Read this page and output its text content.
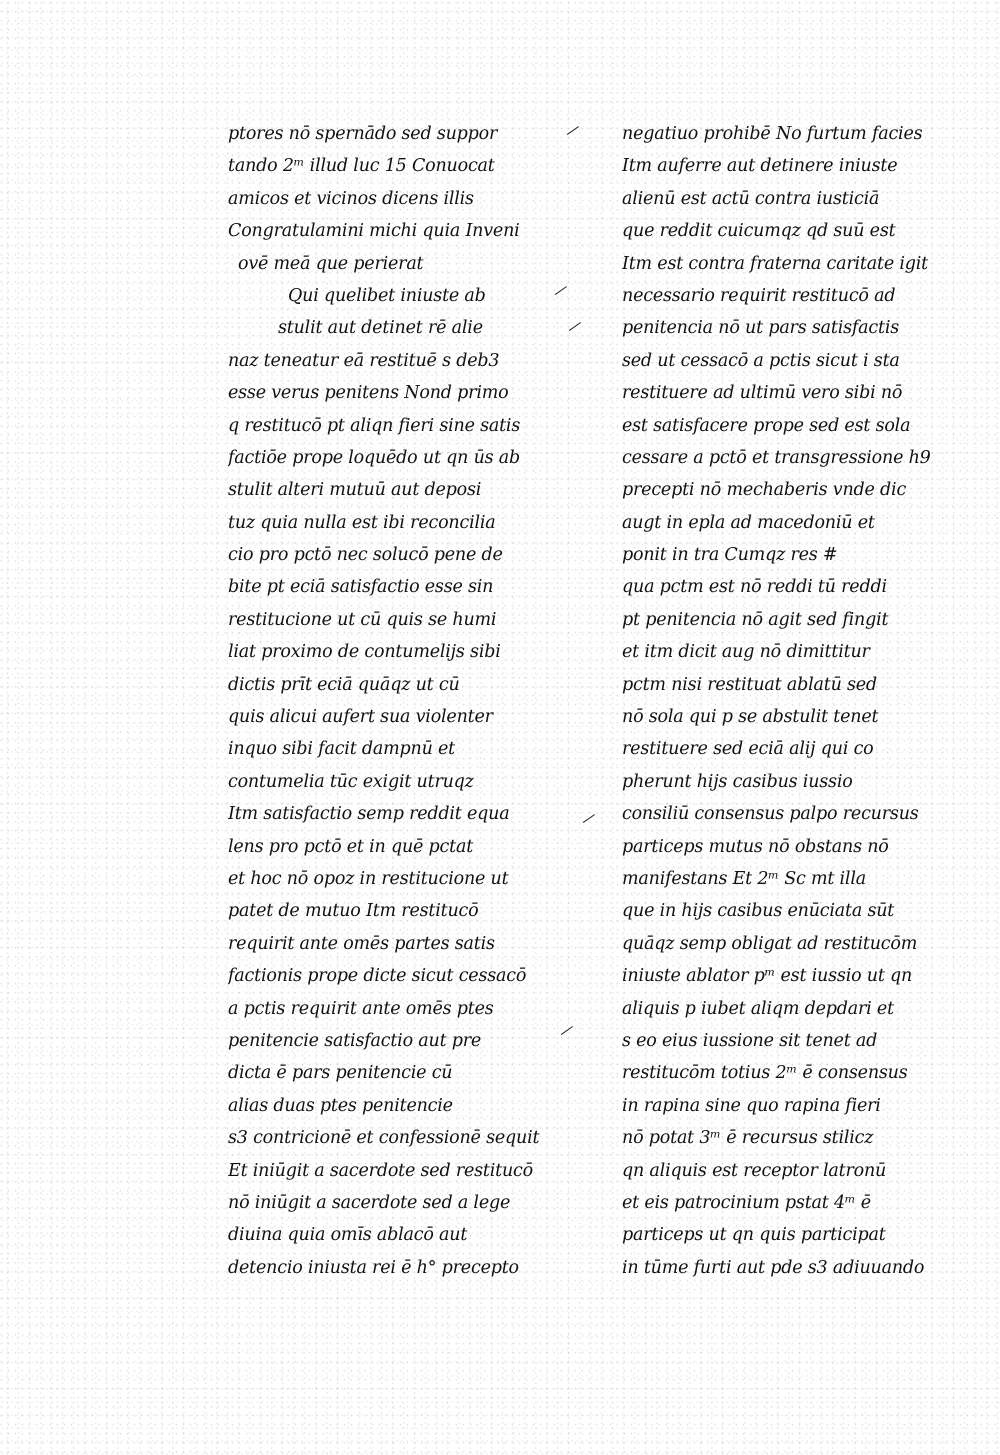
ptores nō spernādo sed suppor
tando 2ᵐ illud luc 15 Conuocat
amicos et vicinos dicens illis
Congratulamini michi quia Inveni
ovē meā que perierat
Qui quelibet iniuste ab
stulit aut detinet rē alie
naz teneatur eā restituē s deb3
esse verus penitens Nond primo
q restitucō pt aliqn fieri sine satis
factiōe prope loquēdo ut qn ūs ab
stulit alteri mutuū aut deposi
tuz quia nulla est ibi reconcilia
cio pro pctō nec solucō pene de
bite pt eciā satisfactio esse sin
restitucione ut cū quis se humi
liat proximo de contumelijs sibi
dictis prīt eciā quāqz ut cū
quis alicui aufert sua violenter
inquo sibi facit dampnū et
contumelia tūc exigit utruqz
Itm satisfactio semp reddit equa
lens pro pctō et in quē pctat
et hoc nō opoz in restitucione ut
patet de mutuo Itm restitucō
requirit ante omēs partes satis
factionis prope dicte sicut cessacō
a pctis requirit ante omēs ptes
penitencie satisfactio aut pre
dicta ē pars penitencie cū
alias duas ptes penitencie
s3 contricionē et confessionē sequit
Et iniūgit a sacerdote sed restitucō
nō iniūgit a sacerdote sed a lege
diuina quia omīs ablacō aut
detencio iniusta rei ē h° precepto
negatiuo prohibē No furtum facies
Itm auferre aut detinere iniuste
alienū est actū contra iusticiā
que reddit cuicumqz qd suū est
Itm est contra fraterna caritate igit
necessario requirit restitucō ad
penitencia nō ut pars satisfactis
sed ut cessacō a pctis sicut i sta
restituere ad ultimū vero sibi nō
est satisfacere prope sed est sola
cessare a pctō et transgressione h9
precepti nō mechaberis vnde dic
augt in epla ad macedoniū et
ponit in tra Cumqz res #
qua pctm est nō reddi tū reddi
pt penitencia nō agit sed fingit
et itm dicit aug nō dimittitur
pctm nisi restituat ablatū sed
nō sola qui p se abstulit tenet
restituere sed eciā alij qui co
pherunt hijs casibus iussio
consiliū consensus palpo recursus
particeps mutus nō obstans nō
manifestans Et 2ᵐ Sc mt illa
que in hijs casibus enūciata sūt
quāqz semp obligat ad restitucōm
iniuste ablator pᵐ est iussio ut qn
aliquis p iubet aliqm depdari et
s eo eius iussione sit tenet ad
restitucōm totius 2ᵐ ē consensus
in rapina sine quo rapina fieri
nō potat 3ᵐ ē recursus stilicz
qn aliquis est receptor latronū
et eis patrocinium pstat 4ᵐ ē
particeps ut qn quis participat
in tūme furti aut pde s3 adiuuando
